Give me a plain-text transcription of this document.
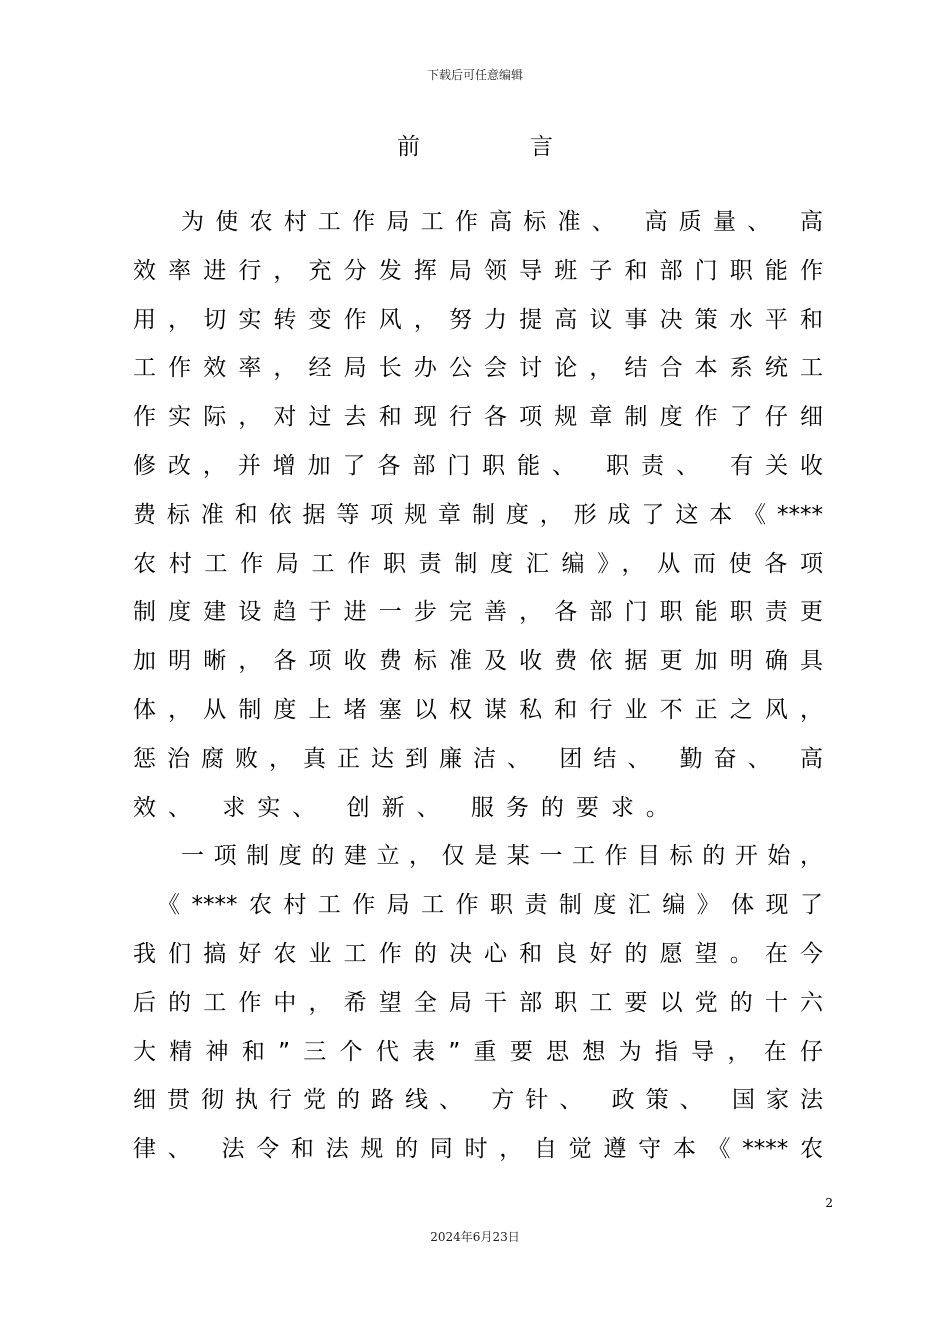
下载后可任意编辑
前	言
为使农村工作局工作高标准、 高质量、 高
效率进行，充分发挥局领导班子和部门职能作
用，切实转变作风，努力提高议事决策水平和
工作效率，经局长办公会讨论，结合本系统工
作实际，对过去和现行各项规章制度作了仔细
修改，并增加了各部门职能、 职责、 有关收
费标准和依据等项规章制度，形成了这本《****
农村工作局工作职责制度汇编》，从而使各项
制度建设趋于进一步完善，各部门职能职责更
加明晰，各项收费标准及收费依据更加明确具
体，从制度上堵塞以权谋私和行业不正之风，
惩治腐败，真正达到廉洁、 团结、 勤奋、 高
效、 求实、 创新、 服务的要求。
一项制度的建立，仅是某一工作目标的开始，
《****农村工作局工作职责制度汇编》体现了
我们搞好农业工作的决心和良好的愿望。在今
后的工作中，希望全局干部职工要以党的十六
大精神和”三个代表”重要思想为指导，在仔
细贯彻执行党的路线、 方针、 政策、 国家法
律、 法令和法规的同时，自觉遵守本《****农
2
2024年6月23日
